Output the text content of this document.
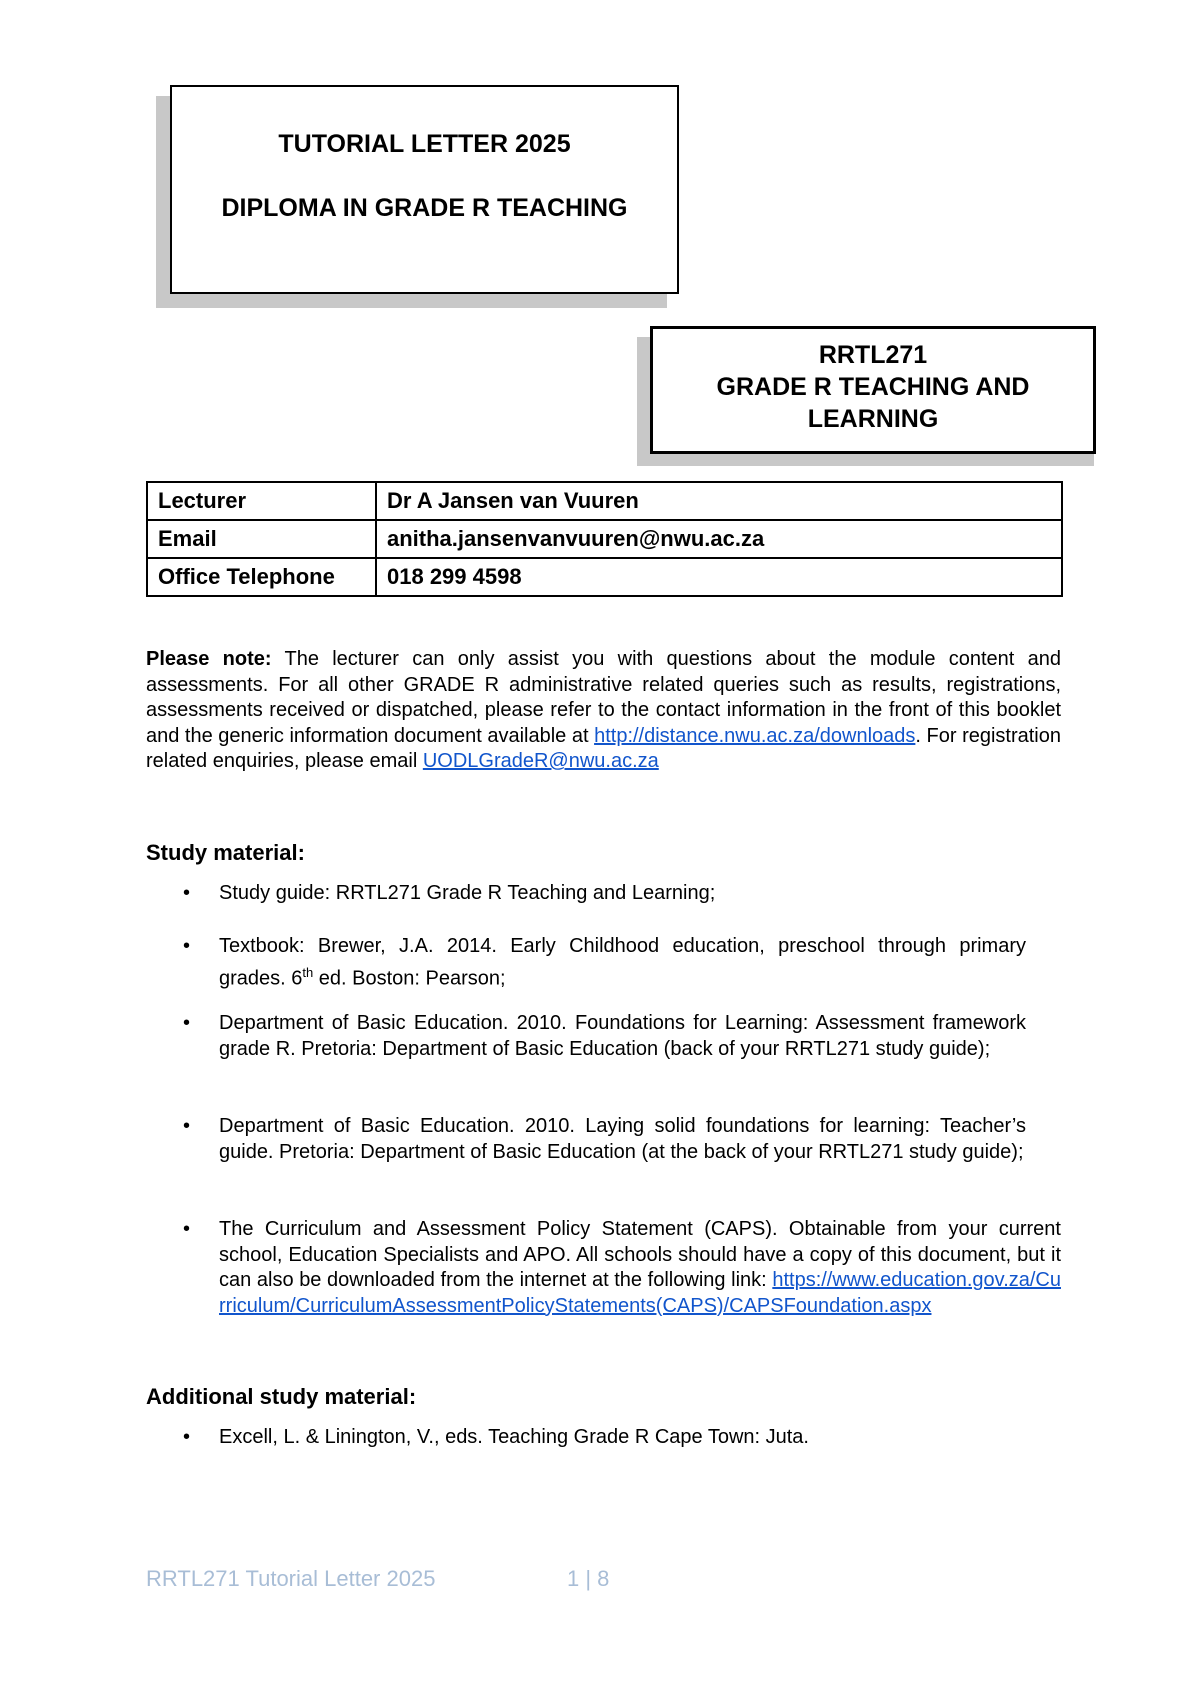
TUTORIAL LETTER 2025
DIPLOMA IN GRADE R TEACHING
RRTL271
GRADE R TEACHING AND
LEARNING
Lecturer	Dr A Jansen van Vuuren
Email	anitha.jansenvanvuuren@nwu.ac.za
Office Telephone	018 299 4598
Please note: The lecturer can only assist you with questions about the module content and assessments. For all other GRADE R administrative related queries such as results, registrations, assessments received or dispatched, please refer to the contact information in the front of this booklet and the generic information document available at http://distance.nwu.ac.za/downloads. For registration related enquiries, please email UODLGradeR@nwu.ac.za
Study material:
• Study guide: RRTL271 Grade R Teaching and Learning;
• Textbook: Brewer, J.A. 2014. Early Childhood education, preschool through primary grades. 6th ed. Boston: Pearson;
• Department of Basic Education. 2010. Foundations for Learning: Assessment framework grade R. Pretoria: Department of Basic Education (back of your RRTL271 study guide);
• Department of Basic Education. 2010. Laying solid foundations for learning: Teacher’s guide. Pretoria: Department of Basic Education (at the back of your RRTL271 study guide);
• The Curriculum and Assessment Policy Statement (CAPS). Obtainable from your current school, Education Specialists and APO. All schools should have a copy of this document, but it can also be downloaded from the internet at the following link: https://www.education.gov.za/Curriculum/CurriculumAssessmentPolicyStatements(CAPS)/CAPSFoundation.aspx
Additional study material:
• Excell, L. & Linington, V., eds. Teaching Grade R Cape Town: Juta.
RRTL271 Tutorial Letter 2025	1 | 8
